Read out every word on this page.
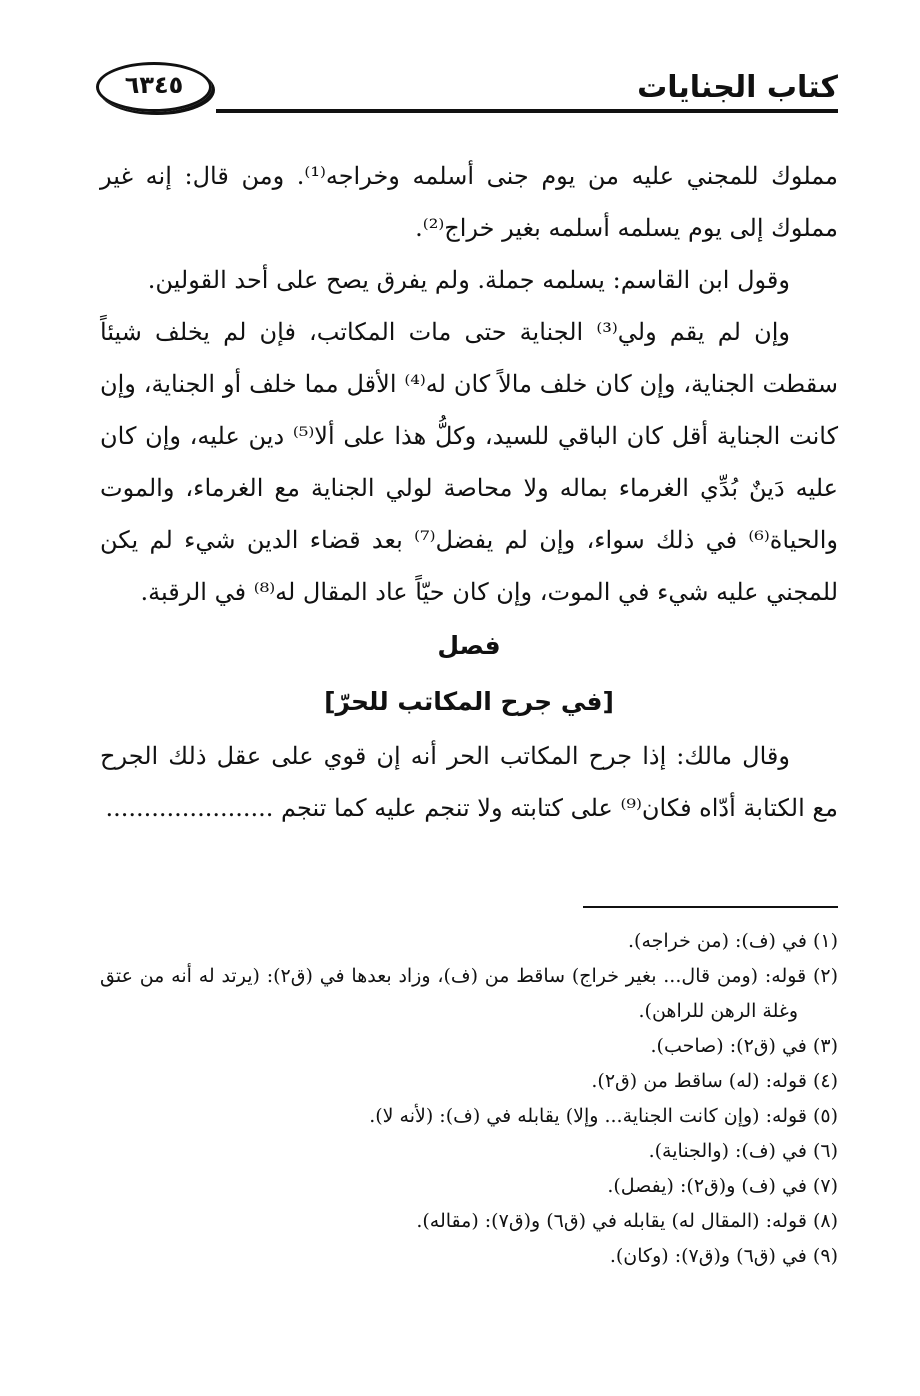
٦٣٤٥	كتاب الجنايات

مملوك للمجني عليه من يوم جنى أسلمه وخراجه⁽¹⁾. ومن قال: إنه غير مملوك إلى يوم يسلمه أسلمه بغير خراج⁽²⁾.

وقول ابن القاسم: يسلمه جملة. ولم يفرق يصح على أحد القولين.

وإن لم يقم ولي⁽³⁾ الجناية حتى مات المكاتب، فإن لم يخلف شيئاً سقطت الجناية، وإن كان خلف مالاً كان له⁽⁴⁾ الأقل مما خلف أو الجناية، وإن كانت الجناية أقل كان الباقي للسيد، وكلُّ هذا على ألا⁽⁵⁾ دين عليه، وإن كان عليه دَينٌ بُدِّي الغرماء بماله ولا محاصة لولي الجناية مع الغرماء، والموت والحياة⁽⁶⁾ في ذلك سواء، وإن لم يفضل⁽⁷⁾ بعد قضاء الدين شيء لم يكن للمجني عليه شيء في الموت، وإن كان حيّاً عاد المقال له⁽⁸⁾ في الرقبة.

فصل
[في جرح المكاتب للحرّ]

وقال مالك: إذا جرح المكاتب الحر أنه إن قوي على عقل ذلك الجرح مع الكتابة أدّاه فكان⁽⁹⁾ على كتابته ولا تنجم عليه كما تنجم ......................

(١) في (ف): (من خراجه).

(٢) قوله: (ومن قال... بغير خراج) ساقط من (ف)، وزاد بعدها في (ق٢): (يرتد له أنه من عتق وغلة الرهن للراهن).

(٣) في (ق٢): (صاحب).

(٤) قوله: (له) ساقط من (ق٢).

(٥) قوله: (وإن كانت الجناية... وإلا) يقابله في (ف): (لأنه لا).

(٦) في (ف): (والجناية).

(٧) في (ف) و(ق٢): (يفصل).

(٨) قوله: (المقال له) يقابله في (ق٦) و(ق٧): (مقاله).

(٩) في (ق٦) و(ق٧): (وكان).
